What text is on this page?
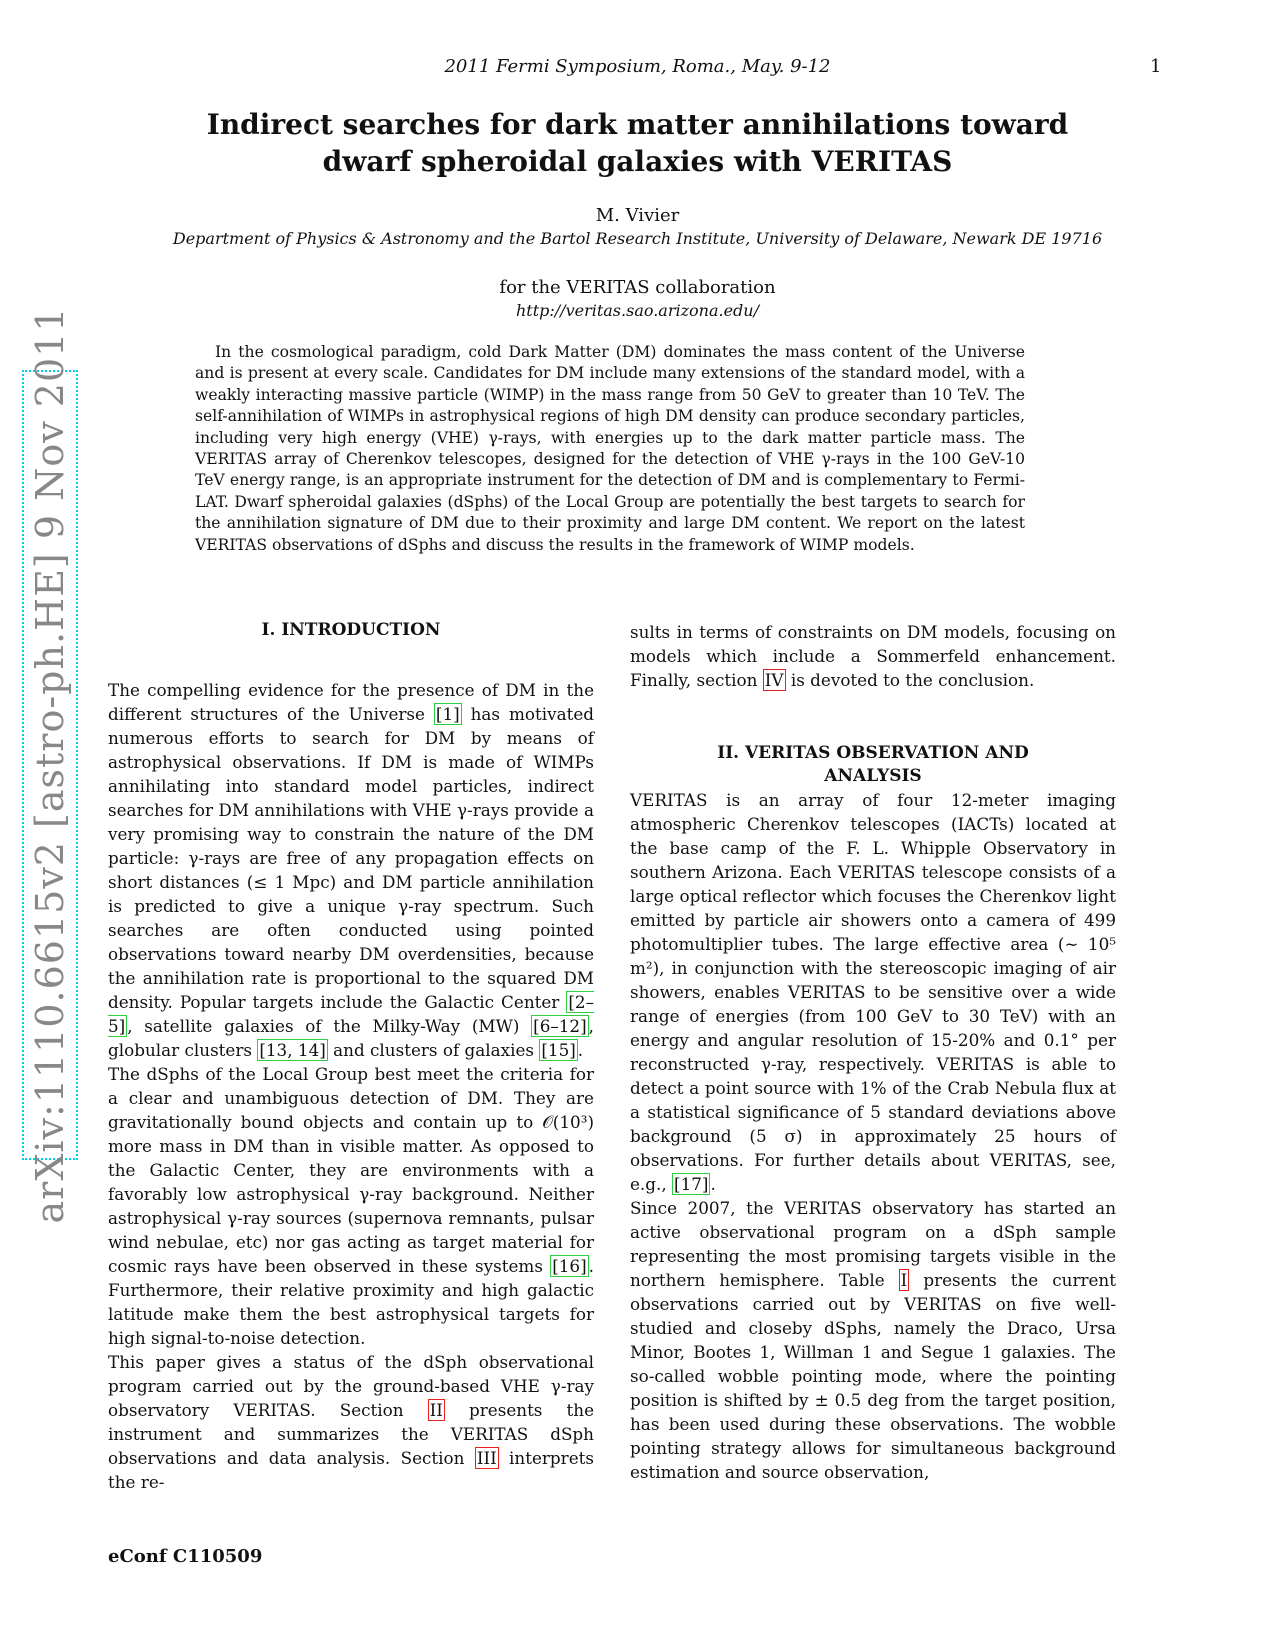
2011 Fermi Symposium, Roma., May. 9-12	1
Indirect searches for dark matter annihilations toward
dwarf spheroidal galaxies with VERITAS
M. Vivier
Department of Physics & Astronomy and the Bartol Research Institute, University of Delaware, Newark DE 19716
for the VERITAS collaboration
http://veritas.sao.arizona.edu/
In the cosmological paradigm, cold Dark Matter (DM) dominates the mass content of the Universe and is present at every scale. Candidates for DM include many extensions of the standard model, with a weakly interacting massive particle (WIMP) in the mass range from 50 GeV to greater than 10 TeV. The self-annihilation of WIMPs in astrophysical regions of high DM density can produce secondary particles, including very high energy (VHE) γ-rays, with energies up to the dark matter particle mass. The VERITAS array of Cherenkov telescopes, designed for the detection of VHE γ-rays in the 100 GeV-10 TeV energy range, is an appropriate instrument for the detection of DM and is complementary to Fermi-LAT. Dwarf spheroidal galaxies (dSphs) of the Local Group are potentially the best targets to search for the annihilation signature of DM due to their proximity and large DM content. We report on the latest VERITAS observations of dSphs and discuss the results in the framework of WIMP models.
arXiv:1110.6615v2 [astro-ph.HE] 9 Nov 2011	I. INTRODUCTION

The compelling evidence for the presence of DM in the different structures of the Universe [1] has motivated numerous efforts to search for DM by means of astrophysical observations. If DM is made of WIMPs annihilating into standard model particles, indirect searches for DM annihilations with VHE γ-rays provide a very promising way to constrain the nature of the DM particle: γ-rays are free of any propagation effects on short distances (≤ 1 Mpc) and DM particle annihilation is predicted to give a unique γ-ray spectrum. Such searches are often conducted using pointed observations toward nearby DM overdensities, because the annihilation rate is proportional to the squared DM density. Popular targets include the Galactic Center [2–5] , satellite galaxies of the Milky-Way (MW) [6–12] , globular clusters [13, 14] and clusters of galaxies [15] .

The dSphs of the Local Group best meet the criteria for a clear and unambiguous detection of DM. They are gravitationally bound objects and contain up to 𝒪(10³) more mass in DM than in visible matter. As opposed to the Galactic Center, they are environments with a favorably low astrophysical γ-ray background. Neither astrophysical γ-ray sources (supernova remnants, pulsar wind nebulae, etc) nor gas acting as target material for cosmic rays have been observed in these systems [16] . Furthermore, their relative proximity and high galactic latitude make them the best astrophysical targets for high signal-to-noise detection.

This paper gives a status of the dSph observational program carried out by the ground-based VHE γ-ray observatory VERITAS. Section II presents the instrument and summarizes the VERITAS dSph observations and data analysis. Section III interprets the re-

sults in terms of constraints on DM models, focusing on models which include a Sommerfeld enhancement. Finally, section IV is devoted to the conclusion.

II. VERITAS OBSERVATION AND
ANALYSIS

VERITAS is an array of four 12-meter imaging atmospheric Cherenkov telescopes (IACTs) located at the base camp of the F. L. Whipple Observatory in southern Arizona. Each VERITAS telescope consists of a large optical reflector which focuses the Cherenkov light emitted by particle air showers onto a camera of 499 photomultiplier tubes. The large effective area (∼ 10⁵ m²), in conjunction with the stereoscopic imaging of air showers, enables VERITAS to be sensitive over a wide range of energies (from 100 GeV to 30 TeV) with an energy and angular resolution of 15-20% and 0.1° per reconstructed γ-ray, respectively. VERITAS is able to detect a point source with 1% of the Crab Nebula flux at a statistical significance of 5 standard deviations above background (5 σ) in approximately 25 hours of observations. For further details about VERITAS, see, e.g., [17] .

Since 2007, the VERITAS observatory has started an active observational program on a dSph sample representing the most promising targets visible in the northern hemisphere. Table I presents the current observations carried out by VERITAS on five well-studied and closeby dSphs, namely the Draco, Ursa Minor, Bootes 1, Willman 1 and Segue 1 galaxies. The so-called wobble pointing mode, where the pointing position is shifted by ± 0.5 deg from the target position, has been used during these observations. The wobble pointing strategy allows for simultaneous background estimation and source observation,

eConf C110509
